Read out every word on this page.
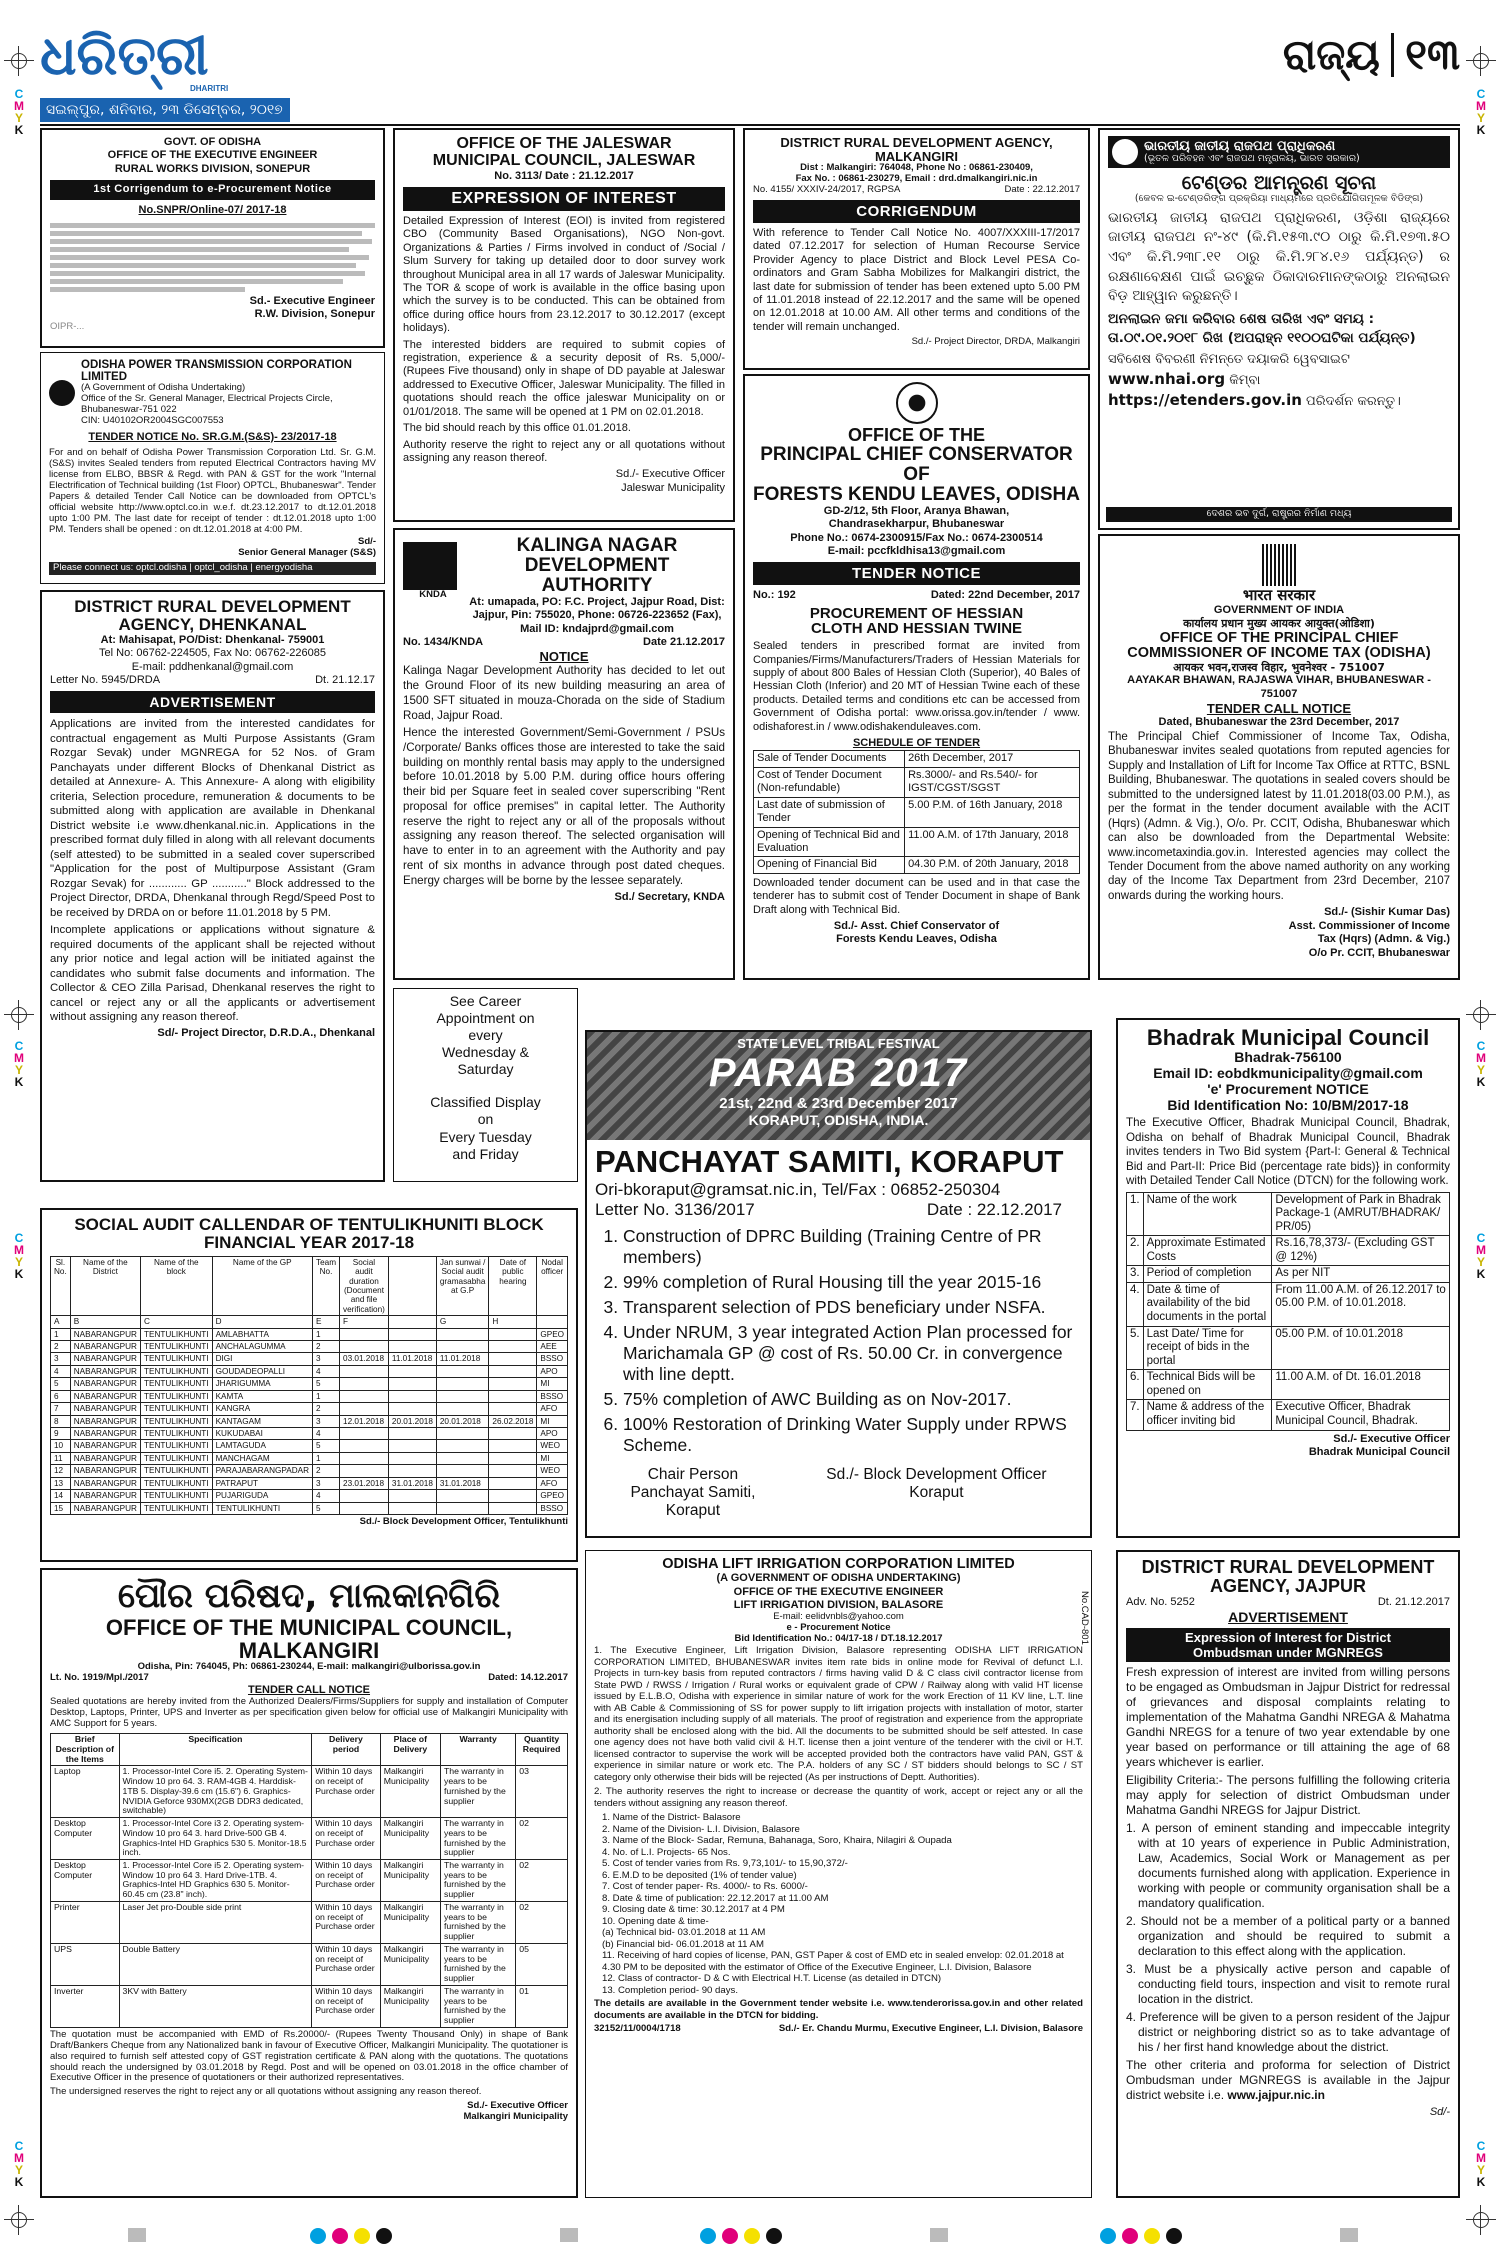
C
M
Y
K
C
M
Y
K
C
M
Y
K
C
M
Y
K
C
M
Y
K
C
M
Y
K
C
M
Y
K
C
M
Y
K
ଧରିତ୍ରୀ
DHARITRI
ସଇଲ୍ପୁର, ଶନିବାର, ୨୩ ଡିସେମ୍ବର, ୨୦୧୭
ରାଜ୍ୟ ୧୩
GOVT. OF ODISHA
OFFICE OF THE EXECUTIVE ENGINEER
RURAL WORKS DIVISION, SONEPUR
1st Corrigendum to e-Procurement Notice
No.SNPR/Online-07/ 2017-18
Sd.- Executive Engineer
R.W. Division, Sonepur
OIPR-...
ODISHA POWER TRANSMISSION CORPORATION LIMITED
(A Government of Odisha Undertaking)
Office of the Sr. General Manager, Electrical Projects Circle, Bhubaneswar-751 022
CIN: U40102OR2004SGC007553
TENDER NOTICE No. SR.G.M.(S&S)- 23/2017-18
For and on behalf of Odisha Power Transmission Corporation Ltd. Sr. G.M. (S&S) invites Sealed tenders from reputed Electrical Contractors having MV license from ELBO, BBSR & Regd. with PAN & GST for the work "Internal Electrification of Technical building (1st Floor) OPTCL, Bhubaneswar". Tender Papers & detailed Tender Call Notice can be downloaded from OPTCL's official website http://www.optcl.co.in w.e.f. dt.23.12.2017 to dt.12.01.2018 upto 1:00 PM. The last date for receipt of tender : dt.12.01.2018 upto 1:00 PM. Tenders shall be opened : on dt.12.01.2018 at 4:00 PM.
Sd/-
Senior General Manager (S&S)
Please connect us: optcl.odisha | optcl_odisha | energyodisha
DISTRICT RURAL DEVELOPMENT
AGENCY, DHENKANAL
At: Mahisapat, PO/Dist: Dhenkanal- 759001
Tel No: 06762-224505, Fax No: 06762-226085
E-mail: pddhenkanal@gmail.com
Letter No. 5945/DRDA	Dt. 21.12.17
ADVERTISEMENT

Applications are invited from the interested candidates for contractual engagement as Multi Purpose Assistants (Gram Rozgar Sevak) under MGNREGA for 52 Nos. of Gram Panchayats under different Blocks of Dhenkanal District as detailed at Annexure- A. This Annexure- A along with eligibility criteria, Selection procedure, remuneration & documents to be submitted along with application are available in Dhenkanal District website i.e www.dhenkanal.nic.in. Applications in the prescribed format duly filled in along with all relevant documents (self attested) to be submitted in a sealed cover superscribed "Application for the post of Multipurpose Assistant (Gram Rozgar Sevak) for ............ GP ..........." Block addressed to the Project Director, DRDA, Dhenkanal through Regd/Speed Post to be received by DRDA on or before 11.01.2018 by 5 PM.

Incomplete applications or applications without signature & required documents of the applicant shall be rejected without any prior notice and legal action will be initiated against the candidates who submit false documents and information. The Collector & CEO Zilla Parisad, Dhenkanal reserves the right to cancel or reject any or all the applicants or advertisement without assigning any reason thereof.

Sd/- Project Director, D.R.D.A., Dhenkanal
OFFICE OF THE JALESWAR
MUNICIPAL COUNCIL, JALESWAR
No. 3113/ Date : 21.12.2017
EXPRESSION OF INTEREST

Detailed Expression of Interest (EOI) is invited from registered CBO (Community Based Organisations), NGO Non-govt. Organizations & Parties / Firms involved in conduct of /Social / Slum Survery for taking up detailed door to door survey work throughout Municipal area in all 17 wards of Jaleswar Municipality. The TOR & scope of work is available in the office basing upon which the survey is to be conducted. This can be obtained from office during office hours from 23.12.2017 to 30.12.2017 (except holidays).

The interested bidders are required to submit copies of registration, experience & a security deposit of Rs. 5,000/- (Rupees Five thousand) only in shape of DD payable at Jaleswar addressed to Executive Officer, Jaleswar Municipality. The filled in quotations should reach the office jaleswar Municipality on or 01/01/2018. The same will be opened at 1 PM on 02.01.2018.

The bid should reach by this office 01.01.2018.

Authority reserve the right to reject any or all quotations without assigning any reason thereof.

Sd./- Executive Officer
Jaleswar Municipality
KNDA
KALINGA NAGAR
DEVELOPMENT AUTHORITY
At: umapada, PO: F.C. Project, Jajpur Road, Dist: Jajpur, Pin: 755020, Phone: 06726-223652 (Fax), Mail ID: kndajprd@gmail.com
No. 1434/KNDA	Date 21.12.2017
NOTICE

Kalinga Nagar Development Authority has decided to let out the Ground Floor of its new building measuring an area of 1500 SFT situated in mouza-Chorada on the side of Stadium Road, Jajpur Road.

Hence the interested Government/Semi-Government / PSUs /Corporate/ Banks offices those are interested to take the said building on monthly rental basis may apply to the undersigned before 10.01.2018 by 5.00 P.M. during office hours offering their bid per Square feet in sealed cover superscribing "Rent proposal for office premises" in capital letter. The Authority reserve the right to reject any or all of the proposals without assigning any reason thereof. The selected organisation will have to enter in to an agreement with the Authority and pay rent of six months in advance through post dated cheques. Energy charges will be borne by the lessee separately.

Sd./ Secretary, KNDA
See Career
Appointment on
every
Wednesday &
Saturday
Classified Display
on
Every Tuesday
and Friday
DISTRICT RURAL DEVELOPMENT AGENCY,
MALKANGIRI
Dist : Malkangiri: 764048, Phone No : 06861-230409,
Fax No. : 06861-230279, Email : drd.dmalkangiri.nic.in
No. 4155/ XXXIV-24/2017, RGPSA	Date : 22.12.2017
CORRIGENDUM

With reference to Tender Call Notice No. 4007/XXXIII-17/2017 dated 07.12.2017 for selection of Human Recourse Service Provider Agency to place District and Block Level PESA Co-ordinators and Gram Sabha Mobilizes for Malkangiri district, the last date for submission of tender has been extened upto 5.00 PM of 11.01.2018 instead of 22.12.2017 and the same will be opened on 12.01.2018 at 10.00 AM. All other terms and conditions of the tender will remain unchanged.

Sd./- Project Director, DRDA, Malkangiri
OFFICE OF THE
PRINCIPAL CHIEF CONSERVATOR OF
FORESTS KENDU LEAVES, ODISHA
GD-2/12, 5th Floor, Aranya Bhawan,
Chandrasekharpur, Bhubaneswar
Phone No.: 0674-2300915/Fax No.: 0674-2300514
E-mail: pccfkldhisa13@gmail.com
TENDER NOTICE
No.: 192	Dated: 22nd December, 2017
PROCUREMENT OF HESSIAN
CLOTH AND HESSIAN TWINE

Sealed tenders in prescribed format are invited from Companies/Firms/Manufacturers/Traders of Hessian Materials for supply of about 800 Bales of Hessian Cloth (Superior), 40 Bales of Hessian Cloth (Inferior) and 20 MT of Hessian Twine each of these products. Detailed terms and conditions etc can be accessed from Government of Odisha portal: www.orissa.gov.in/tender / www. odishaforest.in / www.odishakenduleaves.com.

SCHEDULE OF TENDER
Sale of Tender Documents	26th December, 2017
Cost of Tender Document (Non-refundable)	Rs.3000/- and Rs.540/- for IGST/CGST/SGST
Last date of submission of Tender	5.00 P.M. of 16th January, 2018
Opening of Technical Bid and Evaluation	11.00 A.M. of 17th January, 2018
Opening of Financial Bid	04.30 P.M. of 20th January, 2018

Downloaded tender document can be used and in that case the tenderer has to submit cost of Tender Document in shape of Bank Draft along with Technical Bid.

Sd./- Asst. Chief Conservator of
Forests Kendu Leaves, Odisha
ଭାରତୀୟ ଜାତୀୟ ରାଜପଥ ପ୍ରାଧିକରଣ
(ଭୂତଳ ପରିବହନ ଏବଂ ରାଜପଥ ମନ୍ତ୍ରାଳୟ, ଭାରତ ସରକାର)
ଟେଣ୍ଡର ଆମନ୍ତ୍ରଣ ସୂଚନା
(କେବଳ ଇ-ଟେଣ୍ଡରିଙ୍ଗ ପ୍ରକ୍ରିୟା ମାଧ୍ୟମରେ ପ୍ରତିଯୋଗିତାମୂଳକ ବିଡିଙ୍ଗ)

ଭାରତୀୟ ଜାତୀୟ ରାଜପଥ ପ୍ରାଧିକରଣ, ଓଡ଼ିଶା ରାଜ୍ୟରେ ଜାତୀୟ ରାଜପଥ ନଂ-୪୯ (କି.ମି.୧୫୩.୯୦ ଠାରୁ କି.ମି.୧୭୩.୫୦ ଏବଂ କି.ମି.୨୩୮.୧୧ ଠାରୁ କି.ମି.୨୮୪.୧୬ ପର୍ଯ୍ୟନ୍ତ) ର ରକ୍ଷଣାବେକ୍ଷଣ ପାଇଁ ଇଚ୍ଛୁକ ଠିକାଦାରମାନଙ୍କଠାରୁ ଅନଲାଇନ ବିଡ଼ ଆହ୍ୱାନ କରୁଛନ୍ତି।

ଅନଲାଇନ ଜମା କରିବାର ଶେଷ ତାରିଖ ଏବଂ ସମୟ : ତା.୦୯.୦୧.୨୦୧୮ ରିଖ (ଅପରାହ୍ନ ୧୧୦୦ଘଟିକା ପର୍ଯ୍ୟନ୍ତ)

ସବିଶେଷ ବିବରଣୀ ନିମନ୍ତେ ଦୟାକରି ୱେବସାଇଟ www.nhai.org କିମ୍ବା https://etenders.gov.in ପରିଦର୍ଶନ କରନ୍ତୁ।

ଦେଶର ଭବ ଦୁର୍ଗ, ରାଷ୍ଟ୍ରର ନିର୍ମାଣ ମଧ୍ୟ
भारत सरकार
GOVERNMENT OF INDIA
कार्यालय प्रधान मुख्य आयकर आयुक्त(ओडिशा)
OFFICE OF THE PRINCIPAL CHIEF COMMISSIONER OF INCOME TAX (ODISHA)
आयकर भवन,राजस्व विहार, भुवनेश्वर - 751007
AAYAKAR BHAWAN, RAJASWA VIHAR, BHUBANESWAR - 751007
TENDER CALL NOTICE
Dated, Bhubaneswar the 23rd December, 2017

The Principal Chief Commissioner of Income Tax, Odisha, Bhubaneswar invites sealed quotations from reputed agencies for Supply and Installation of Lift for Income Tax Office at RTTC, BSNL Building, Bhubaneswar. The quotations in sealed covers should be submitted to the undersigned latest by 11.01.2018(03.00 P.M.), as per the format in the tender document available with the ACIT (Hqrs) (Admn. & Vig.), O/o. Pr. CCIT, Odisha, Bhubaneswar which can also be downloaded from the Departmental Website: www.incometaxindia.gov.in. Interested agencies may collect the Tender Document from the above named authority on any working day of the Income Tax Department from 23rd December, 2107 onwards during the working hours.

Sd./- (Sishir Kumar Das)
Asst. Commissioner of Income
Tax (Hqrs) (Admn. & Vig.)
O/o Pr. CCIT, Bhubaneswar
STATE LEVEL TRIBAL FESTIVAL
PARAB 2017
21st, 22nd & 23rd December 2017
KORAPUT, ODISHA, INDIA.
PANCHAYAT SAMITI, KORAPUT
Ori-bkoraput@gramsat.nic.in, Tel/Fax : 06852-250304
Letter No. 3136/2017	Date : 22.12.2017
1. Construction of DPRC Building (Training Centre of PR members)
2. 99% completion of Rural Housing till the year 2015-16
3. Transparent selection of PDS beneficiary under NSFA.
4. Under NRUM, 3 year integrated Action Plan processed for Marichamala GP @ cost of Rs. 50.00 Cr. in convergence with line deptt.
5. 75% completion of AWC Building as on Nov-2017.
6. 100% Restoration of Drinking Water Supply under RPWS Scheme.
Chair Person
Panchayat Samiti,
Koraput
Sd./- Block Development Officer
Koraput
Bhadrak Municipal Council
Bhadrak-756100
Email ID: eobdkmunicipality@gmail.com
'e' Procurement NOTICE
Bid Identification No: 10/BM/2017-18

The Executive Officer, Bhadrak Municipal Council, Bhadrak, Odisha on behalf of Bhadrak Municipal Council, Bhadrak invites tenders in Two Bid system {Part-I: General & Technical Bid and Part-II: Price Bid (percentage rate bids)} in conformity with Detailed Tender Call Notice (DTCN) for the following work.

1.	Name of the work	Development of Park in Bhadrak Package-1 (AMRUT/BHADRAK/ PR/05)
2.	Approximate Estimated Costs	Rs.16,78,373/- (Excluding GST @ 12%)
3.	Period of completion	As per NIT
4.	Date & time of availability of the bid documents in the portal	From 11.00 A.M. of 26.12.2017 to 05.00 P.M. of 10.01.2018.
5.	Last Date/ Time for receipt of bids in the portal	05.00 P.M. of 10.01.2018
6.	Technical Bids will be opened on	11.00 A.M. of Dt. 16.01.2018
7.	Name & address of the officer inviting bid	Executive Officer, Bhadrak Municipal Council, Bhadrak.
Sd./- Executive Officer
Bhadrak Municipal Council
SOCIAL AUDIT CALLENDAR OF TENTULIKHUNITI BLOCK
FINANCIAL YEAR 2017-18
Sl. No.	Name of the District	Name of the block	Name of the GP	Team No.	Social audit duration (Document and file verification)		Jan sunwai / Social audit gramasabha at G.P	Date of public hearing	Nodal officer
A	B	C	D	E	F		G	H	
1	NABARANGPUR	TENTULIKHUNTI	AMLABHATTA	1					GPEO
2	NABARANGPUR	TENTULIKHUNTI	ANCHALAGUMMA	2					AEE
3	NABARANGPUR	TENTULIKHUNTI	DIGI	3	03.01.2018	11.01.2018	11.01.2018		BSSO
4	NABARANGPUR	TENTULIKHUNTI	GOUDADEOPALLI	4					APO
5	NABARANGPUR	TENTULIKHUNTI	JHARIGUMMA	5					MI
6	NABARANGPUR	TENTULIKHUNTI	KAMTA	1					BSSO
7	NABARANGPUR	TENTULIKHUNTI	KANGRA	2					AFO
8	NABARANGPUR	TENTULIKHUNTI	KANTAGAM	3	12.01.2018	20.01.2018	20.01.2018	26.02.2018	MI
9	NABARANGPUR	TENTULIKHUNTI	KUKUDABAI	4					APO
10	NABARANGPUR	TENTULIKHUNTI	LAMTAGUDA	5					WEO
11	NABARANGPUR	TENTULIKHUNTI	MANCHAGAM	1					MI
12	NABARANGPUR	TENTULIKHUNTI	PARAJABARANGPADAR	2					WEO
13	NABARANGPUR	TENTULIKHUNTI	PATRAPUT	3	23.01.2018	31.01.2018	31.01.2018		AFO
14	NABARANGPUR	TENTULIKHUNTI	PUJARIGUDA	4					GPEO
15	NABARANGPUR	TENTULIKHUNTI	TENTULIKHUNTI	5					BSSO
Sd./- Block Development Officer, Tentulikhunti
ପୌର ପରିଷଦ, ମାଲକାନଗିରି
OFFICE OF THE MUNICIPAL COUNCIL, MALKANGIRI
Odisha, Pin: 764045, Ph: 06861-230244, E-mail: malkangiri@ulborissa.gov.in
Lt. No. 1919/Mpl./2017	Dated: 14.12.2017
TENDER CALL NOTICE

Sealed quotations are hereby invited from the Authorized Dealers/Firms/Suppliers for supply and installation of Computer Desktop, Laptops, Printer, UPS and Inverter as per specification given below for official use of Malkangiri Municipality with AMC Support for 5 years.

Brief Description of the Items	Specification	Delivery period	Place of Delivery	Warranty	Quantity Required
Laptop	1. Processor-Intel Core i5. 2. Operating System- Window 10 pro 64. 3. RAM-4GB 4. Harddisk-1TB 5. Display-39.6 cm (15.6") 6. Graphics-NVIDIA Geforce 930MX(2GB DDR3 dedicated, switchable)	Within 10 days on receipt of Purchase order	Malkangiri Municipality	The warranty in years to be furnished by the supplier	03
Desktop Computer	1. Processor-Intel Core i3 2. Operating system-Window 10 pro 64 3. hard Drive-500 GB 4. Graphics-Intel HD Graphics 530 5. Monitor-18.5 inch.	Within 10 days on receipt of Purchase order	Malkangiri Municipality	The warranty in years to be furnished by the supplier	02
Desktop Computer	1. Processor-Intel Core i5 2. Operating system- Window 10 pro 64 3. Hard Drive-1TB. 4. Graphics-Intel HD Graphics 630 5. Monitor-60.45 cm (23.8" inch).	Within 10 days on receipt of Purchase order	Malkangiri Municipality	The warranty in years to be furnished by the supplier	02
Printer	Laser Jet pro-Double side print	Within 10 days on receipt of Purchase order	Malkangiri Municipality	The warranty in years to be furnished by the supplier	02
UPS	Double Battery	Within 10 days on receipt of Purchase order	Malkangiri Municipality	The warranty in years to be furnished by the supplier	05
Inverter	3KV with Battery	Within 10 days on receipt of Purchase order	Malkangiri Municipality	The warranty in years to be furnished by the supplier	01

The quotation must be accompanied with EMD of Rs.20000/- (Rupees Twenty Thousand Only) in shape of Bank Draft/Bankers Cheque from any Nationalized bank in favour of Executive Officer, Malkangiri Municipality. The quotationer is also required to furnish self attested copy of GST registration certificate & PAN along with the quotations. The quotations should reach the undersigned by 03.01.2018 by Regd. Post and will be opened on 03.01.2018 in the office chamber of Executive Officer in the presence of quotationers or their authorized representatives.

The undersigned reserves the right to reject any or all quotations without assigning any reason thereof.

Sd./- Executive Officer
Malkangiri Municipality
ODISHA LIFT IRRIGATION CORPORATION LIMITED
(A GOVERNMENT OF ODISHA UNDERTAKING)
OFFICE OF THE EXECUTIVE ENGINEER
LIFT IRRIGATION DIVISION, BALASORE
E-mail: eelidvnbls@yahoo.com
e - Procurement Notice
Bid Identification No.: 04/17-18 / DT.18.12.2017	No.CAD-801

1. The Executive Engineer, Lift Irrigation Division, Balasore representing ODISHA LIFT IRRIGATION CORPORATION LIMITED, BHUBANESWAR invites item rate bids in online mode for Revival of defunct L.I. Projects in turn-key basis from reputed contractors / firms having valid D & C class civil contractor license from State PWD / RWSS / Irrigation / Rural works or equivalent grade of CPW / Railway along with valid HT license issued by E.L.B.O, Odisha with experience in similar nature of work for the work Erection of 11 KV line, L.T. line with AB Cable & Commissioning of SS for power supply to lift irrigation projects with installation of motor, starter and its energisation including supply of all materials. The proof of registration and experience from the appropriate authority shall be enclosed along with the bid. All the documents to be submitted should be self attested. In case one agency does not have both valid civil & H.T. license then a joint venture of the tenderer with the civil or H.T. licensed contractor to supervise the work will be accepted provided both the contractors have valid PAN, GST & experience in similar nature or work etc. The P.A. holders of any SC / ST bidders should belongs to SC / ST category only otherwise their bids will be rejected (As per instructions of Deptt. Authorities).

2. The authority reserves the right to increase or decrease the quantity of work, accept or reject any or all the tenders without assigning any reason thereof.

1. Name of the District- Balasore
2. Name of the Division- L.I. Division, Balasore
3. Name of the Block- Sadar, Remuna, Bahanaga, Soro, Khaira, Nilagiri & Oupada
4. No. of L.I. Projects- 65 Nos.
5. Cost of tender varies from Rs. 9,73,101/- to 15,90,372/-
6. E.M.D to be deposited (1% of tender value)
7. Cost of tender paper- Rs. 4000/- to Rs. 6000/-
8. Date & time of publication: 22.12.2017 at 11.00 AM
9. Closing date & time: 30.12.2017 at 4 PM
10. Opening date & time-
(a) Technical bid- 03.01.2018 at 11 AM
(b) Financial bid- 06.01.2018 at 11 AM
11. Receiving of hard copies of license, PAN, GST Paper & cost of EMD etc in sealed envelop: 02.01.2018 at 4.30 PM to be deposited with the estimator of Office of the Executive Engineer, L.I. Division, Balasore
12. Class of contractor- D & C with Electrical H.T. License (as detailed in DTCN)
13. Completion period- 90 days.

The details are available in the Government tender website i.e. www.tenderorissa.gov.in and other related documents are available in the DTCN for bidding.

32152/11/0004/1718	Sd./- Er. Chandu Murmu, Executive Engineer, L.I. Division, Balasore
DISTRICT RURAL DEVELOPMENT
AGENCY, JAJPUR
Adv. No. 5252	Dt. 21.12.2017
ADVERTISEMENT
Expression of Interest for District
Ombudsman under MGNREGS

Fresh expression of interest are invited from willing persons to be engaged as Ombudsman in Jajpur District for redressal of grievances and disposal complaints relating to implementation of the Mahatma Gandhi NREGA & Mahatma Gandhi NREGS for a tenure of two year extendable by one year based on performance or till attaining the age of 68 years whichever is earlier.

Eligibility Criteria:- The persons fulfilling the following criteria may apply for selection of district Ombudsman under Mahatma Gandhi NREGS for Jajpur District.

1. A person of eminent standing and impeccable integrity with at 10 years of experience in Public Administration, Law, Academics, Social Work or Management as per documents furnished along with application. Experience in working with people or community organisation shall be a mandatory qualification.

2. Should not be a member of a political party or a banned organization and should be required to submit a declaration to this effect along with the application.

3. Must be a physically active person and capable of conducting field tours, inspection and visit to remote rural location in the district.

4. Preference will be given to a person resident of the Jajpur district or neighboring district so as to take advantage of his / her first hand knowledge about the district.

The other criteria and proforma for selection of District Ombudsman under MGNREGS is available in the Jajpur district website i.e. www.jajpur.nic.in

Sd/-
